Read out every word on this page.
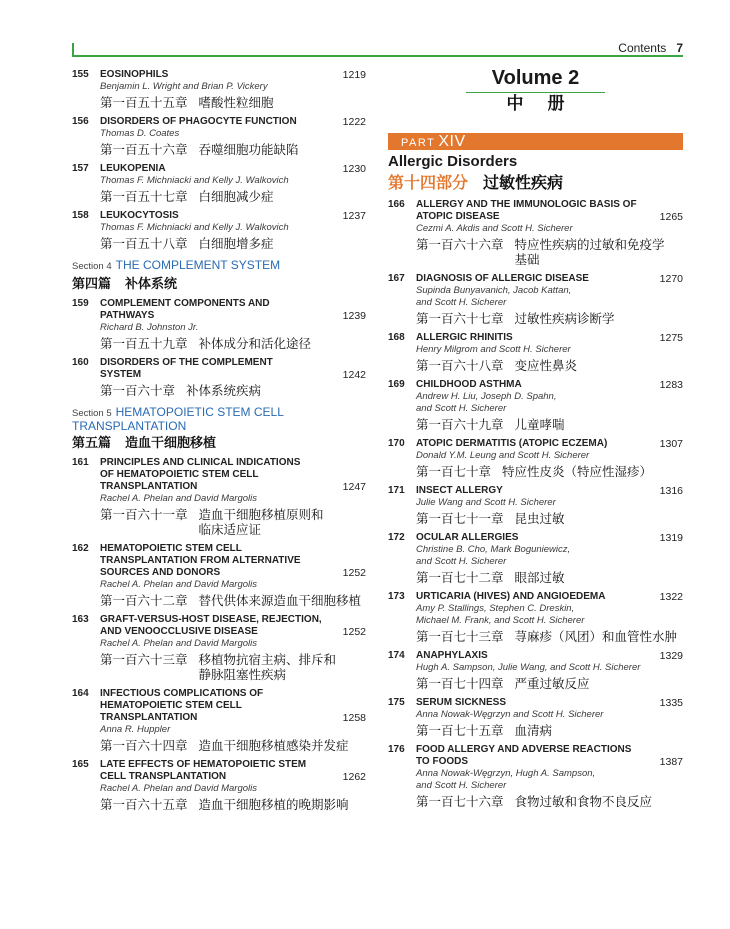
Contents 7
155	EOSINOPHILS	1219
Benjamin L. Wright and Brian P. Vickery
第一百五十五章 嗜酸性粒细胞
156	DISORDERS OF PHAGOCYTE FUNCTION	1222
Thomas D. Coates
第一百五十六章 吞噬细胞功能缺陷
157	LEUKOPENIA	1230
Thomas F. Michniacki and Kelly J. Walkovich
第一百五十七章 白细胞减少症
158	LEUKOCYTOSIS	1237
Thomas F. Michniacki and Kelly J. Walkovich
第一百五十八章 白细胞增多症
Section 4 THE COMPLEMENT SYSTEM
第四篇 补体系统
159	COMPLEMENT COMPONENTS AND
PATHWAYS	1239
Richard B. Johnston Jr.
第一百五十九章 补体成分和活化途径
160	DISORDERS OF THE COMPLEMENT
SYSTEM	1242
第一百六十章 补体系统疾病
Section 5 HEMATOPOIETIC STEM CELL
TRANSPLANTATION
第五篇 造血干细胞移植
161	PRINCIPLES AND CLINICAL INDICATIONS
OF HEMATOPOIETIC STEM CELL
TRANSPLANTATION	1247
Rachel A. Phelan and David Margolis
第一百六十一章 造血干细胞移植原则和
临床适应证
162	HEMATOPOIETIC STEM CELL
TRANSPLANTATION FROM ALTERNATIVE
SOURCES AND DONORS	1252
Rachel A. Phelan and David Margolis
第一百六十二章 替代供体来源造血干细胞移植
163	GRAFT-VERSUS-HOST DISEASE, REJECTION,
AND VENOOCCLUSIVE DISEASE	1252
Rachel A. Phelan and David Margolis
第一百六十三章 移植物抗宿主病、排斥和
静脉阻塞性疾病
164	INFECTIOUS COMPLICATIONS OF
HEMATOPOIETIC STEM CELL
TRANSPLANTATION	1258
Anna R. Huppler
第一百六十四章 造血干细胞移植感染并发症
165	LATE EFFECTS OF HEMATOPOIETIC STEM
CELL TRANSPLANTATION	1262
Rachel A. Phelan and David Margolis
第一百六十五章 造血干细胞移植的晚期影响
Volume 2
中 册
PART XIV
Allergic Disorders
第十四部分 过敏性疾病
166	ALLERGY AND THE IMMUNOLOGIC BASIS OF
ATOPIC DISEASE	1265
Cezmi A. Akdis and Scott H. Sicherer
第一百六十六章 特应性疾病的过敏和免疫学
基础
167	DIAGNOSIS OF ALLERGIC DISEASE	1270
Supinda Bunyavanich, Jacob Kattan,
and Scott H. Sicherer
第一百六十七章 过敏性疾病诊断学
168	ALLERGIC RHINITIS	1275
Henry Milgrom and Scott H. Sicherer
第一百六十八章 变应性鼻炎
169	CHILDHOOD ASTHMA	1283
Andrew H. Liu, Joseph D. Spahn,
and Scott H. Sicherer
第一百六十九章 儿童哮喘
170	ATOPIC DERMATITIS (ATOPIC ECZEMA)	1307
Donald Y.M. Leung and Scott H. Sicherer
第一百七十章 特应性皮炎（特应性湿疹）
171	INSECT ALLERGY	1316
Julie Wang and Scott H. Sicherer
第一百七十一章 昆虫过敏
172	OCULAR ALLERGIES	1319
Christine B. Cho, Mark Boguniewicz,
and Scott H. Sicherer
第一百七十二章 眼部过敏
173	URTICARIA (HIVES) AND ANGIOEDEMA	1322
Amy P. Stallings, Stephen C. Dreskin,
Michael M. Frank, and Scott H. Sicherer
第一百七十三章 荨麻疹（风团）和血管性水肿
174	ANAPHYLAXIS	1329
Hugh A. Sampson, Julie Wang, and Scott H. Sicherer
第一百七十四章 严重过敏反应
175	SERUM SICKNESS	1335
Anna Nowak-Węgrzyn and Scott H. Sicherer
第一百七十五章 血清病
176	FOOD ALLERGY AND ADVERSE REACTIONS
TO FOODS	1387
Anna Nowak-Węgrzyn, Hugh A. Sampson,
and Scott H. Sicherer
第一百七十六章 食物过敏和食物不良反应
